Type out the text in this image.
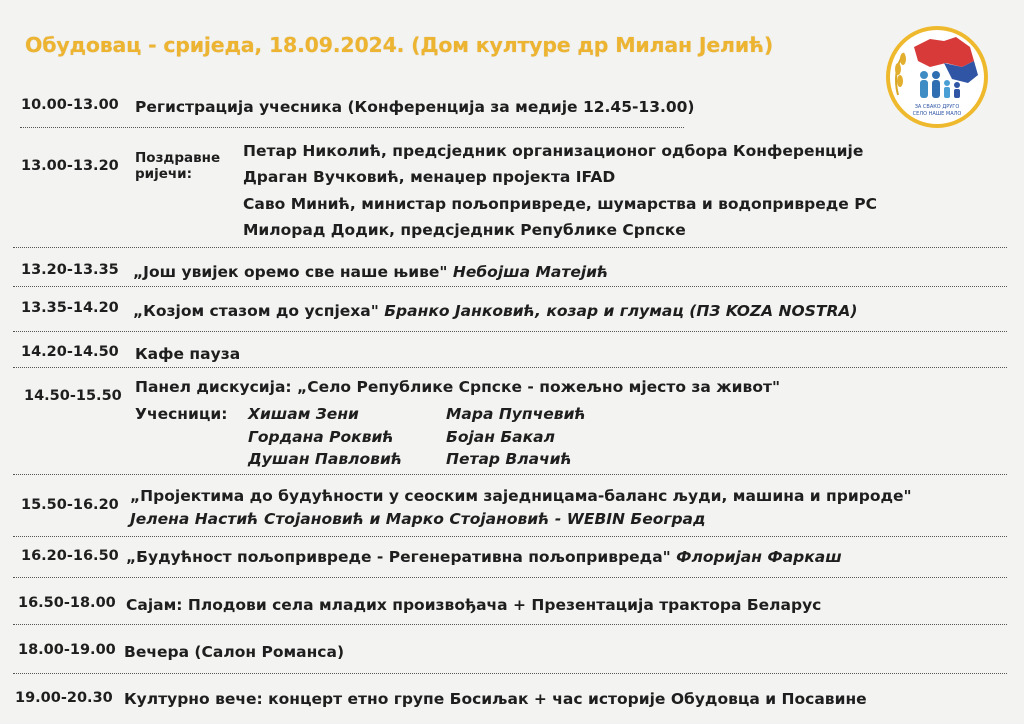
Обудовац - сриједа, 18.09.2024. (Дом културе др Милан Јелић)
ЗА СВАКО ДРУГО
СЕЛО НАШЕ МАЛО
10.00-13.00 Регистрација учесника (Конференција за медије 12.45-13.00)
13.00-13.20 Поздравне ријечи:
Петар Николић, предсједник организационог одбора Конференције
Драган Вучковић, менаџер пројекта IFAD
Саво Минић, министар пољопривреде, шумарства и водопривреде РС
Милорад Додик, предсједник Републике Српске
13.20-13.35 „Још увијек оремо све наше њиве" Небојша Матејић
13.35-14.20 „Козјом стазом до успјеха" Бранко Јанковић, козар и глумац (ПЗ KOZA NOSTRA)
14.20-14.50 Кафе пауза
14.50-15.50 Панел дискусија: „Село Републике Српске - пожељно мјесто за живот"
Учесници: Хишам Зени
Гордана Роквић
Душан Павловић
Мара Пупчевић
Бојан Бакал
Петар Влачић
15.50-16.20 „Пројектима до будућности у сеоским заједницама-баланс људи, машина и природе"
Јелена Настић Стојановић и Марко Стојановић - WEBIN Београд
16.20-16.50 „Будућност пољопривреде - Регенеративна пољопривреда" Флоријан Фаркаш
16.50-18.00 Сајам: Плодови села младих произвођача + Презентација трактора Беларус
18.00-19.00 Вечера (Салон Романса)
19.00-20.30 Културно вече: концерт етно групе Босиљак + час историје Обудовца и Посавине
